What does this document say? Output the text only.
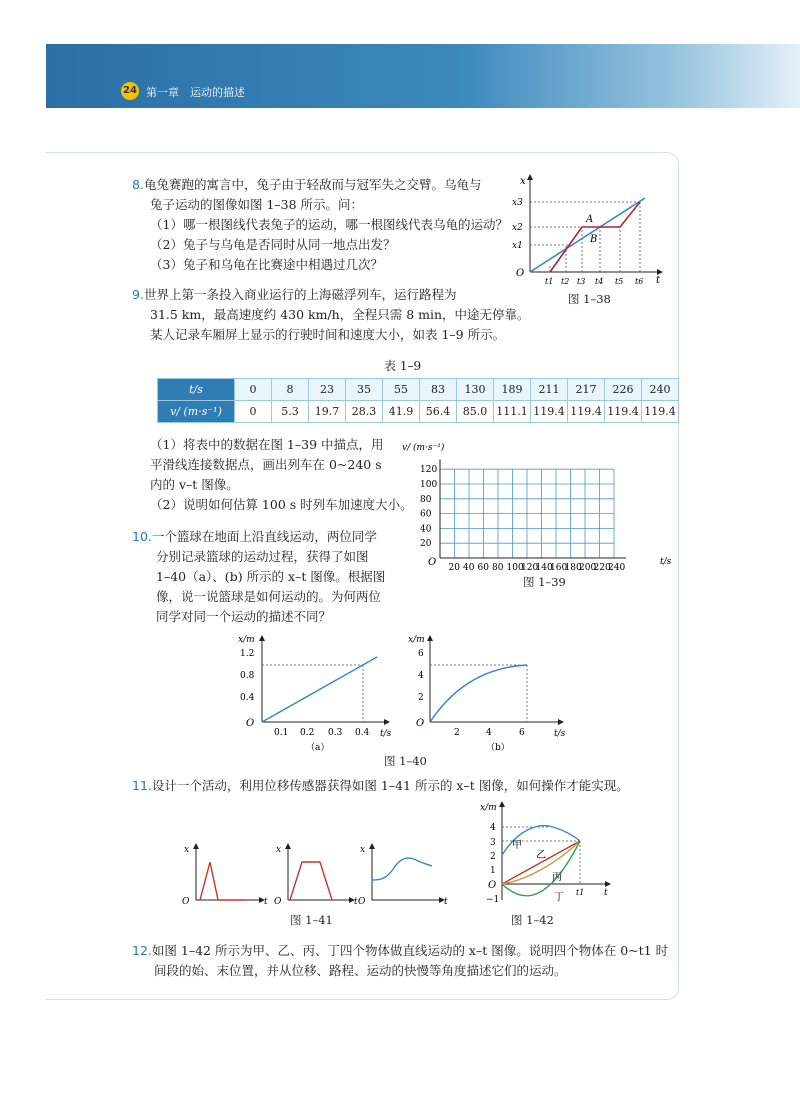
24 第一章　运动的描述
8.龟兔赛跑的寓言中，兔子由于轻敌而与冠军失之交臂。乌龟与
兔子运动的图像如图 1–38 所示。问：
（1）哪一根图线代表兔子的运动，哪一根图线代表乌龟的运动？
（2）兔子与乌龟是否同时从同一地点出发？
（3）兔子和乌龟在比赛途中相遇过几次？
x
t
O
x3
x2
x1
t1 t2 t3 t4 t5 t6
A
B
图 1–38
9.世界上第一条投入商业运行的上海磁浮列车，运行路程为
31.5 km，最高速度约 430 km/h，全程只需 8 min，中途无停靠。
某人记录车厢屏上显示的行驶时间和速度大小，如表 1–9 所示。
表 1–9
t/s	0	8	23	35	55	83	130	189	211	217	226	240
v/ (m·s⁻¹)	0	5.3	19.7	28.3	41.9	56.4	85.0	111.1	119.4	119.4	119.4	119.4
（1）将表中的数据在图 1–39 中描点，用
平滑线连接数据点，画出列车在 0~240 s
内的 v–t 图像。
（2）说明如何估算 100 s 时列车加速度大小。
v/ (m·s⁻¹)
O	t/s
20 40 60 80 100
120
140
160
180
200
220
240
120
100
80
60
40
20
图 1–39
10.一个篮球在地面上沿直线运动，两位同学
分别记录篮球的运动过程，获得了如图
1–40（a）、(b) 所示的 x–t 图像。根据图
像，说一说篮球是如何运动的。为何两位
同学对同一个运动的描述不同？
x/m
O
t/s
1.2
0.8
0.4
0.1 0.2 0.3 0.4
（a）
x/m
O
t/s
6
4
2
2	4	6
（b）
图 1–40
11.设计一个活动，利用位移传感器获得如图 1–41 所示的 x–t 图像，如何操作才能实现。
x
O	t
x
O	t
x
O	t
图 1–41
x/m
O
t
4
3
2
1
−1
甲
乙
丙
丁 t1
图 1–42
12.如图 1–42 所示为甲、乙、丙、丁四个物体做直线运动的 x–t 图像。说明四个物体在 0~t1 时
间段的始、末位置，并从位移、路程、运动的快慢等角度描述它们的运动。
